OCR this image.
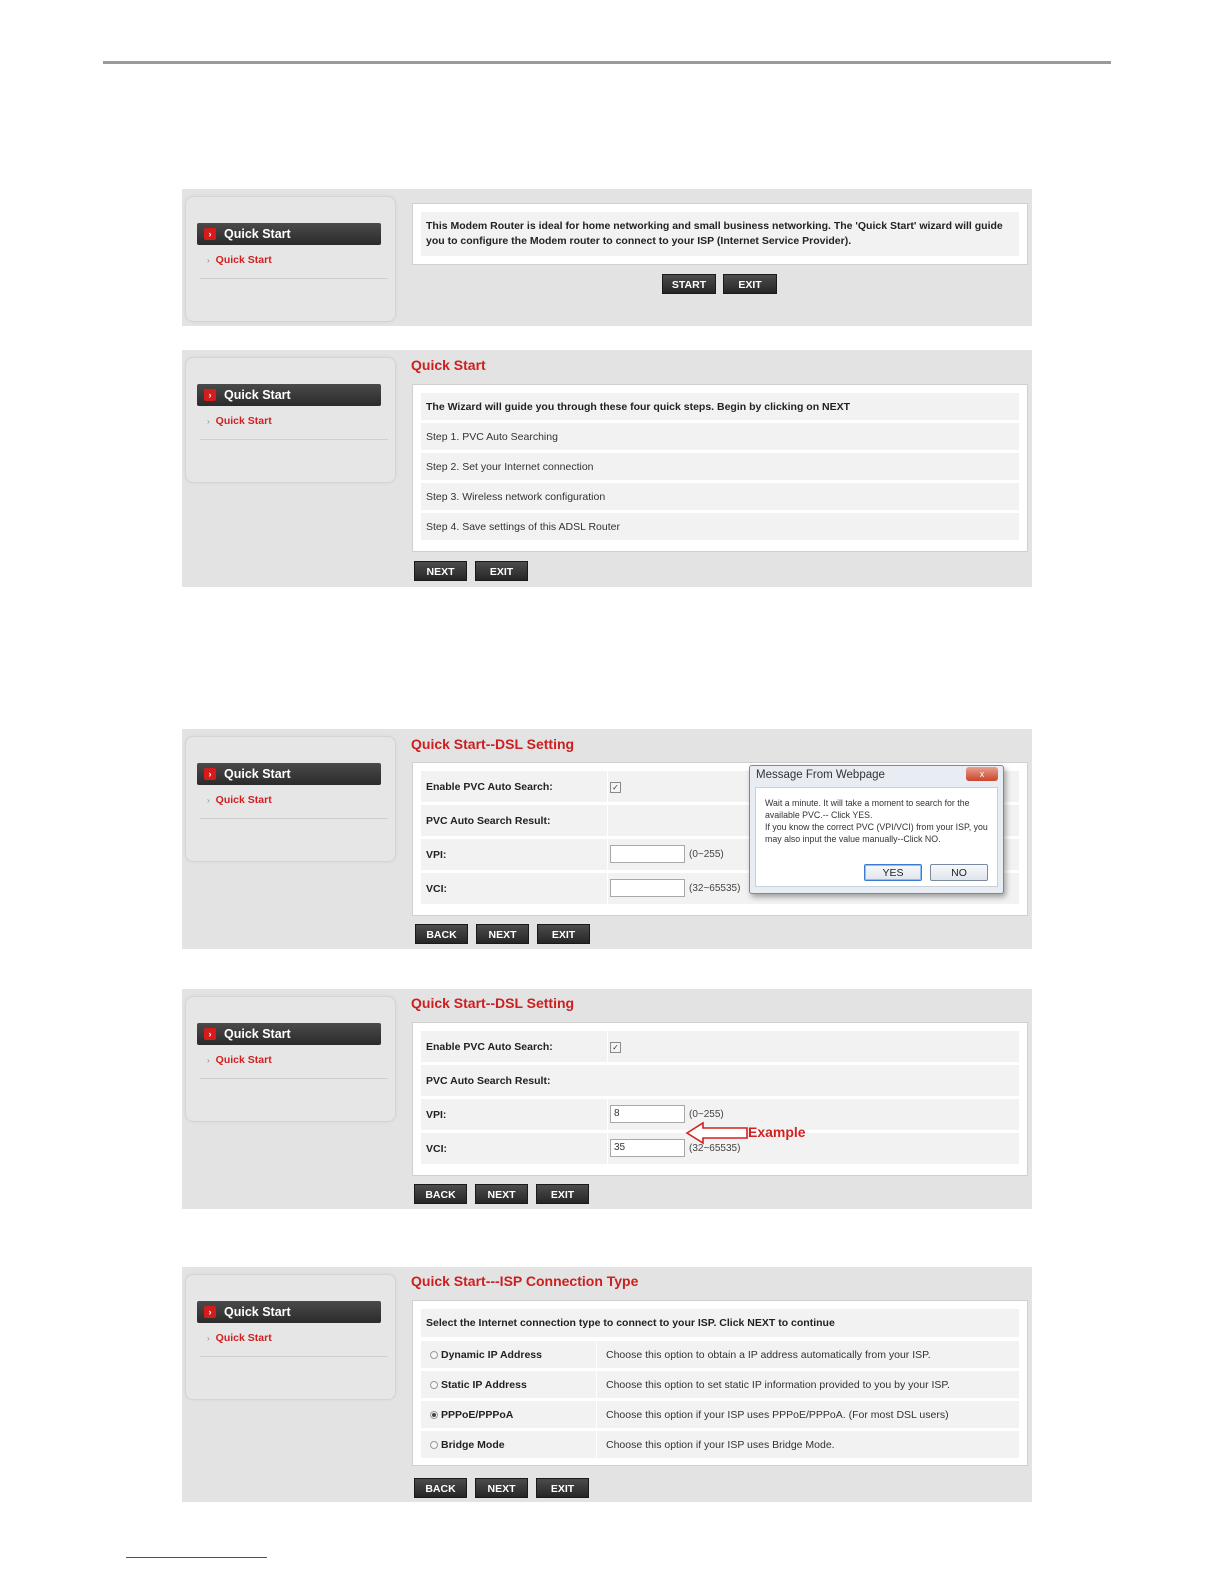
›	Quick Start
› Quick Start
This Modem Router is ideal for home networking and small business networking. The 'Quick Start' wizard will guide you to configure the Modem router to connect to your ISP (Internet Service Provider).
START	EXIT
›	Quick Start
› Quick Start
Quick Start
The Wizard will guide you through these four quick steps. Begin by clicking on NEXT
Step 1. PVC Auto Searching
Step 2. Set your Internet connection
Step 3. Wireless network configuration
Step 4. Save settings of this ADSL Router
NEXT	EXIT
›	Quick Start
› Quick Start
Quick Start--DSL Setting
Enable PVC Auto Search:	✓
PVC Auto Search Result:
VPI:	(0~255)
VCI:	(32~65535)
BACK	NEXT	EXIT
Message From Webpage	x
Wait a minute. It will take a moment to search for the available PVC.-- Click YES.
If you know the correct PVC (VPI/VCI) from your ISP, you may also input the value manually--Click NO.
YES	NO
›	Quick Start
› Quick Start
Quick Start--DSL Setting
Enable PVC Auto Search:	✓
PVC Auto Search Result:
VPI:	8	(0~255)
VCI:	35	(32~65535)
Example
BACK	NEXT	EXIT
›	Quick Start
› Quick Start
Quick Start---ISP Connection Type
Select the Internet connection type to connect to your ISP. Click NEXT to continue
Dynamic IP Address	Choose this option to obtain a IP address automatically from your ISP.
Static IP Address	Choose this option to set static IP information provided to you by your ISP.
PPPoE/PPPoA	Choose this option if your ISP uses PPPoE/PPPoA. (For most DSL users)
Bridge Mode	Choose this option if your ISP uses Bridge Mode.
BACK	NEXT	EXIT
